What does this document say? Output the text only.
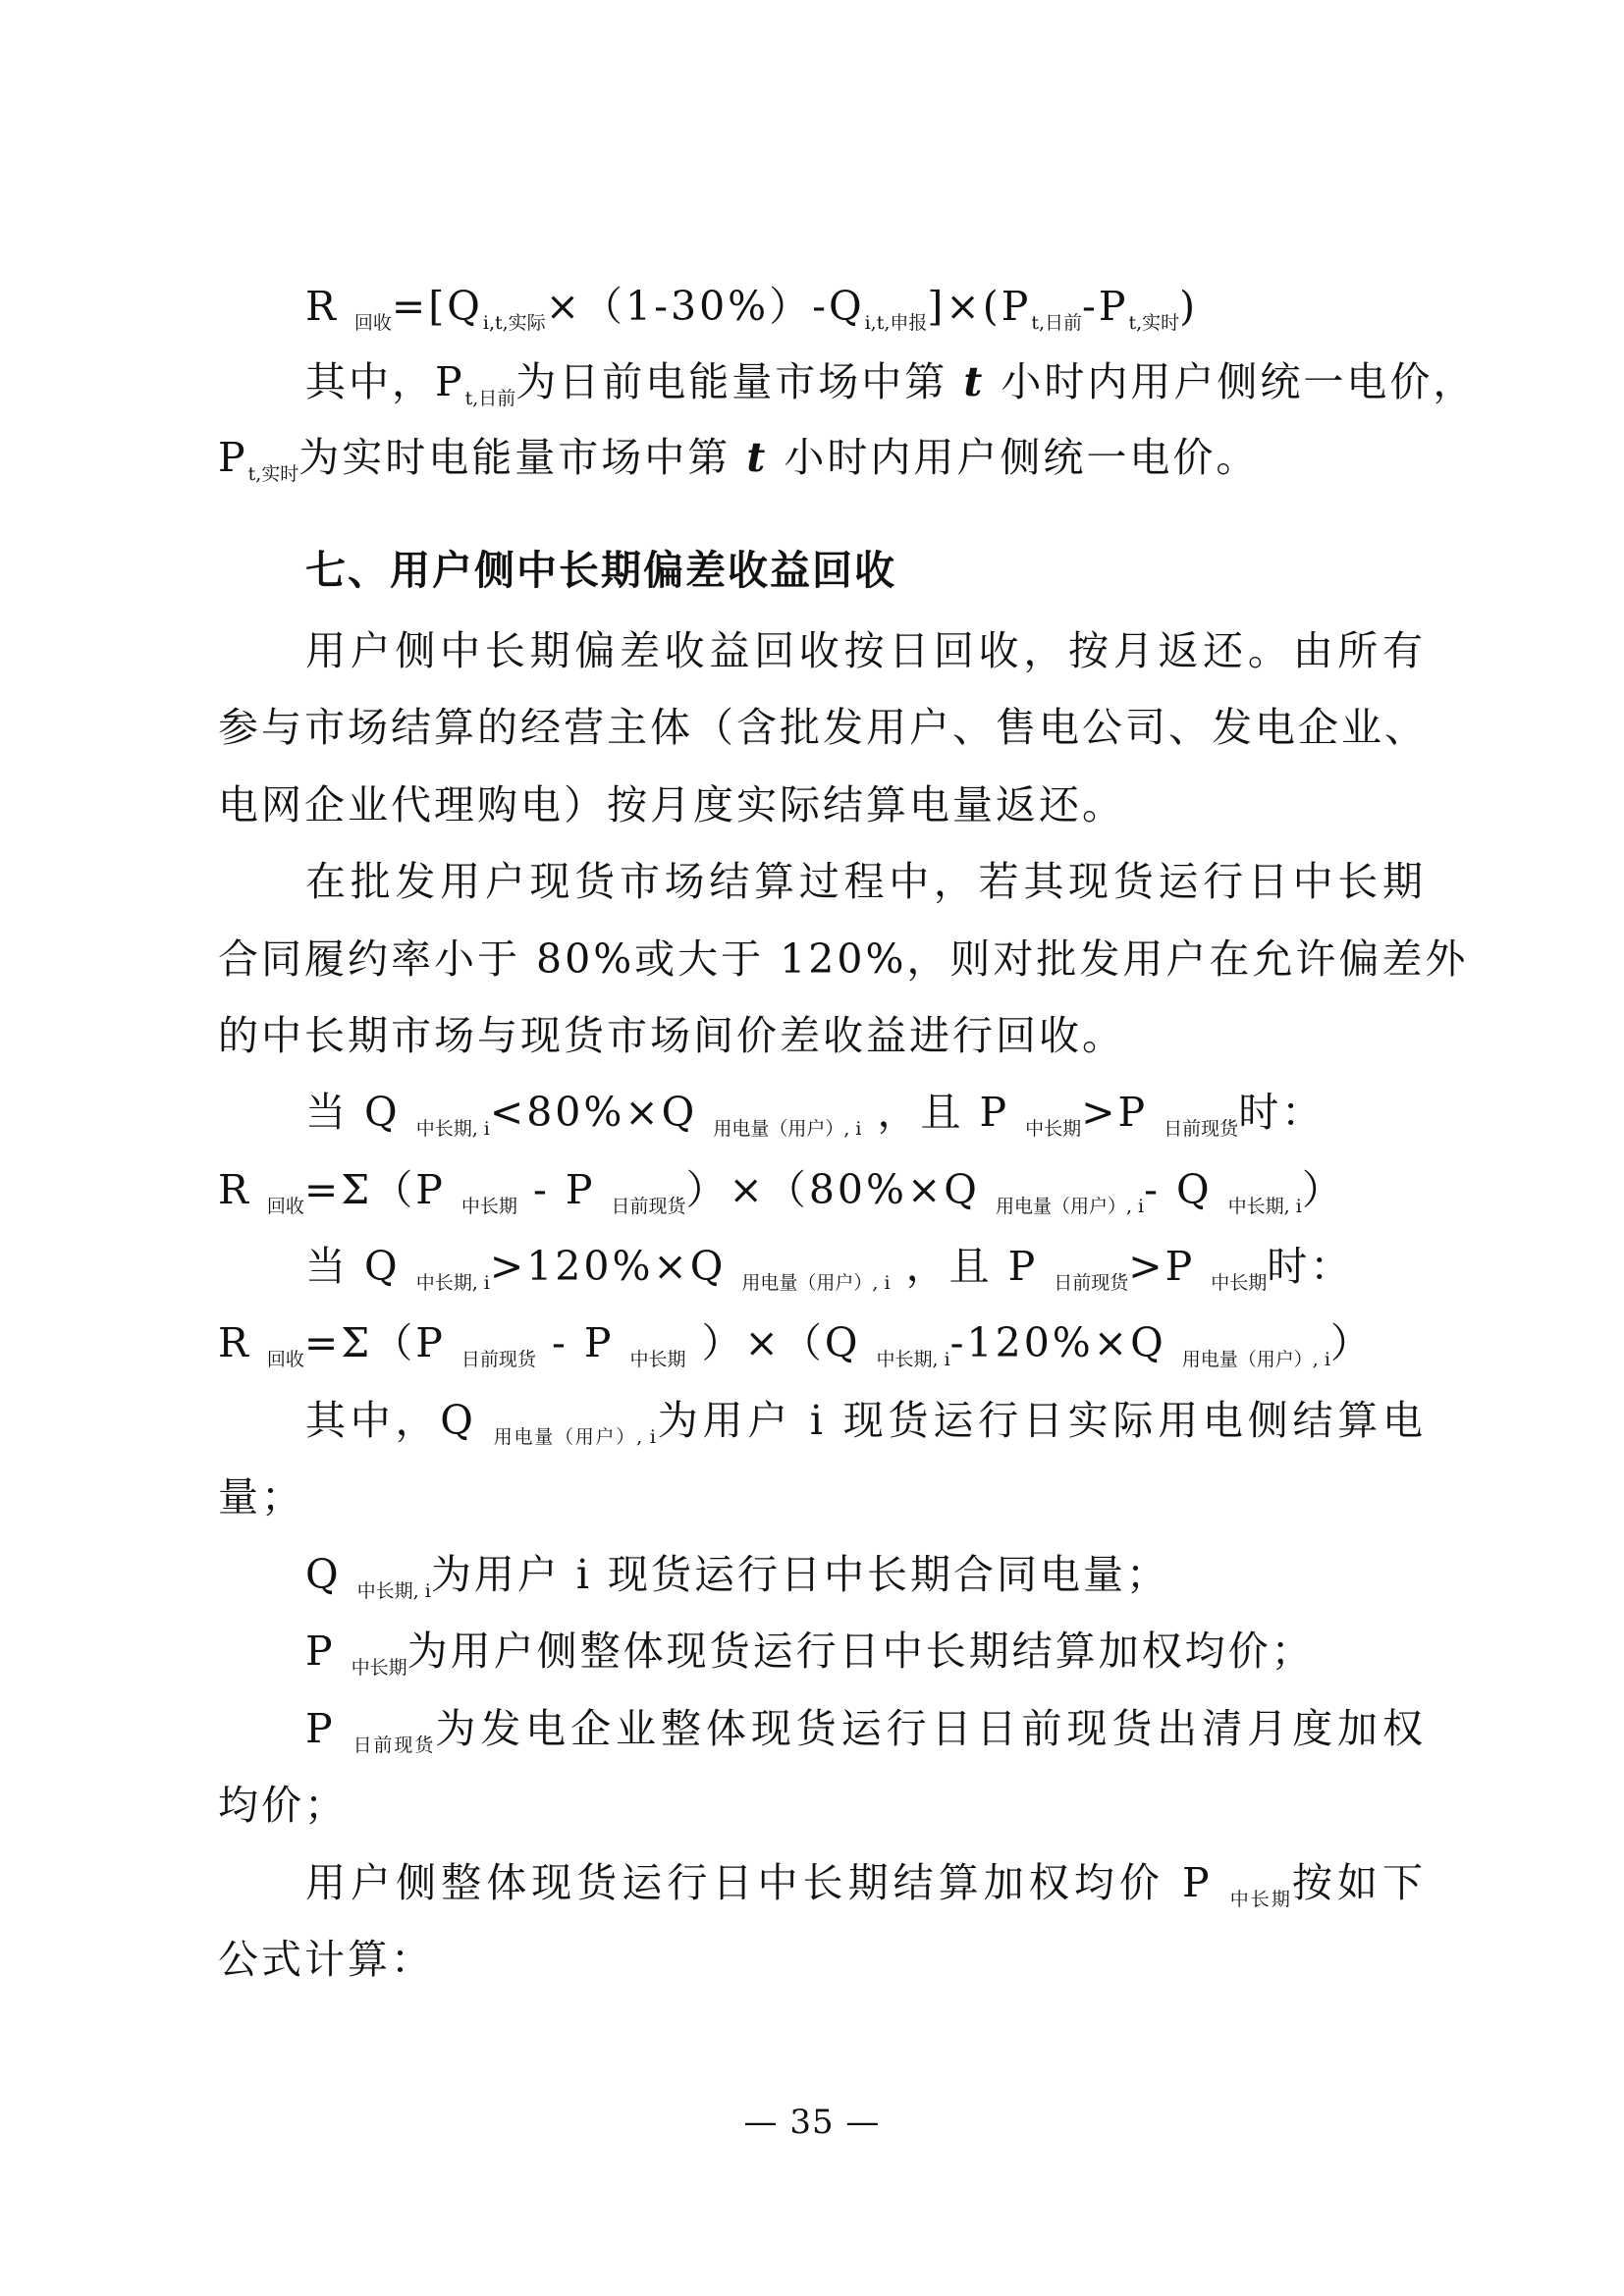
R $_{回收}=[Q_{i,t,实际}\times(1-30\%)-Q_{i,t,申报}]\times(P_{t,日前}-P_{t,实时})$
其中，$P_{t,日前}$为日前电能量市场中第 t 小时内用户侧统一电价，
$P_{t,实时}$为实时电能量市场中第 t 小时内用户侧统一电价。
七、用户侧中长期偏差收益回收
用户侧中长期偏差收益回收按日回收，按月返还。由所有
参与市场结算的经营主体（含批发用户、售电公司、发电企业、
电网企业代理购电）按月度实际结算电量返还。
在批发用户现货市场结算过程中，若其现货运行日中长期
合同履约率小于 80%或大于 120%，则对批发用户在允许偏差外
的中长期市场与现货市场间价差收益进行回收。
当 Q $_{中长期, i}$<80%×Q $_{用电量(用户), i}$ ，且 P $_{中长期}$>P $_{日前现货}$时：
R $_{回收}$=Σ（P $_{中长期}$ - P $_{日前现货}$）×（80%×Q $_{用电量(用户), i}$- Q $_{中长期, i}$）
当 Q $_{中长期, i}$>120%×Q $_{用电量(用户), i}$ ，且 P $_{日前现货}$>P $_{中长期}$时：
R $_{回收}$=Σ（P $_{日前现货}$ - P $_{中长期}$ ）×（Q $_{中长期, i}$-120%×Q $_{用电量(用户), i}$）
其中，Q $_{用电量(用户), i}$为用户 i 现货运行日实际用电侧结算电
量；
Q $_{中长期, i}$为用户 i 现货运行日中长期合同电量；
P $_{中长期}$为用户侧整体现货运行日中长期结算加权均价；
P $_{日前现货}$为发电企业整体现货运行日日前现货出清月度加权
均价；
用户侧整体现货运行日中长期结算加权均价 P $_{中长期}$按如下
公式计算：
— 35 —
